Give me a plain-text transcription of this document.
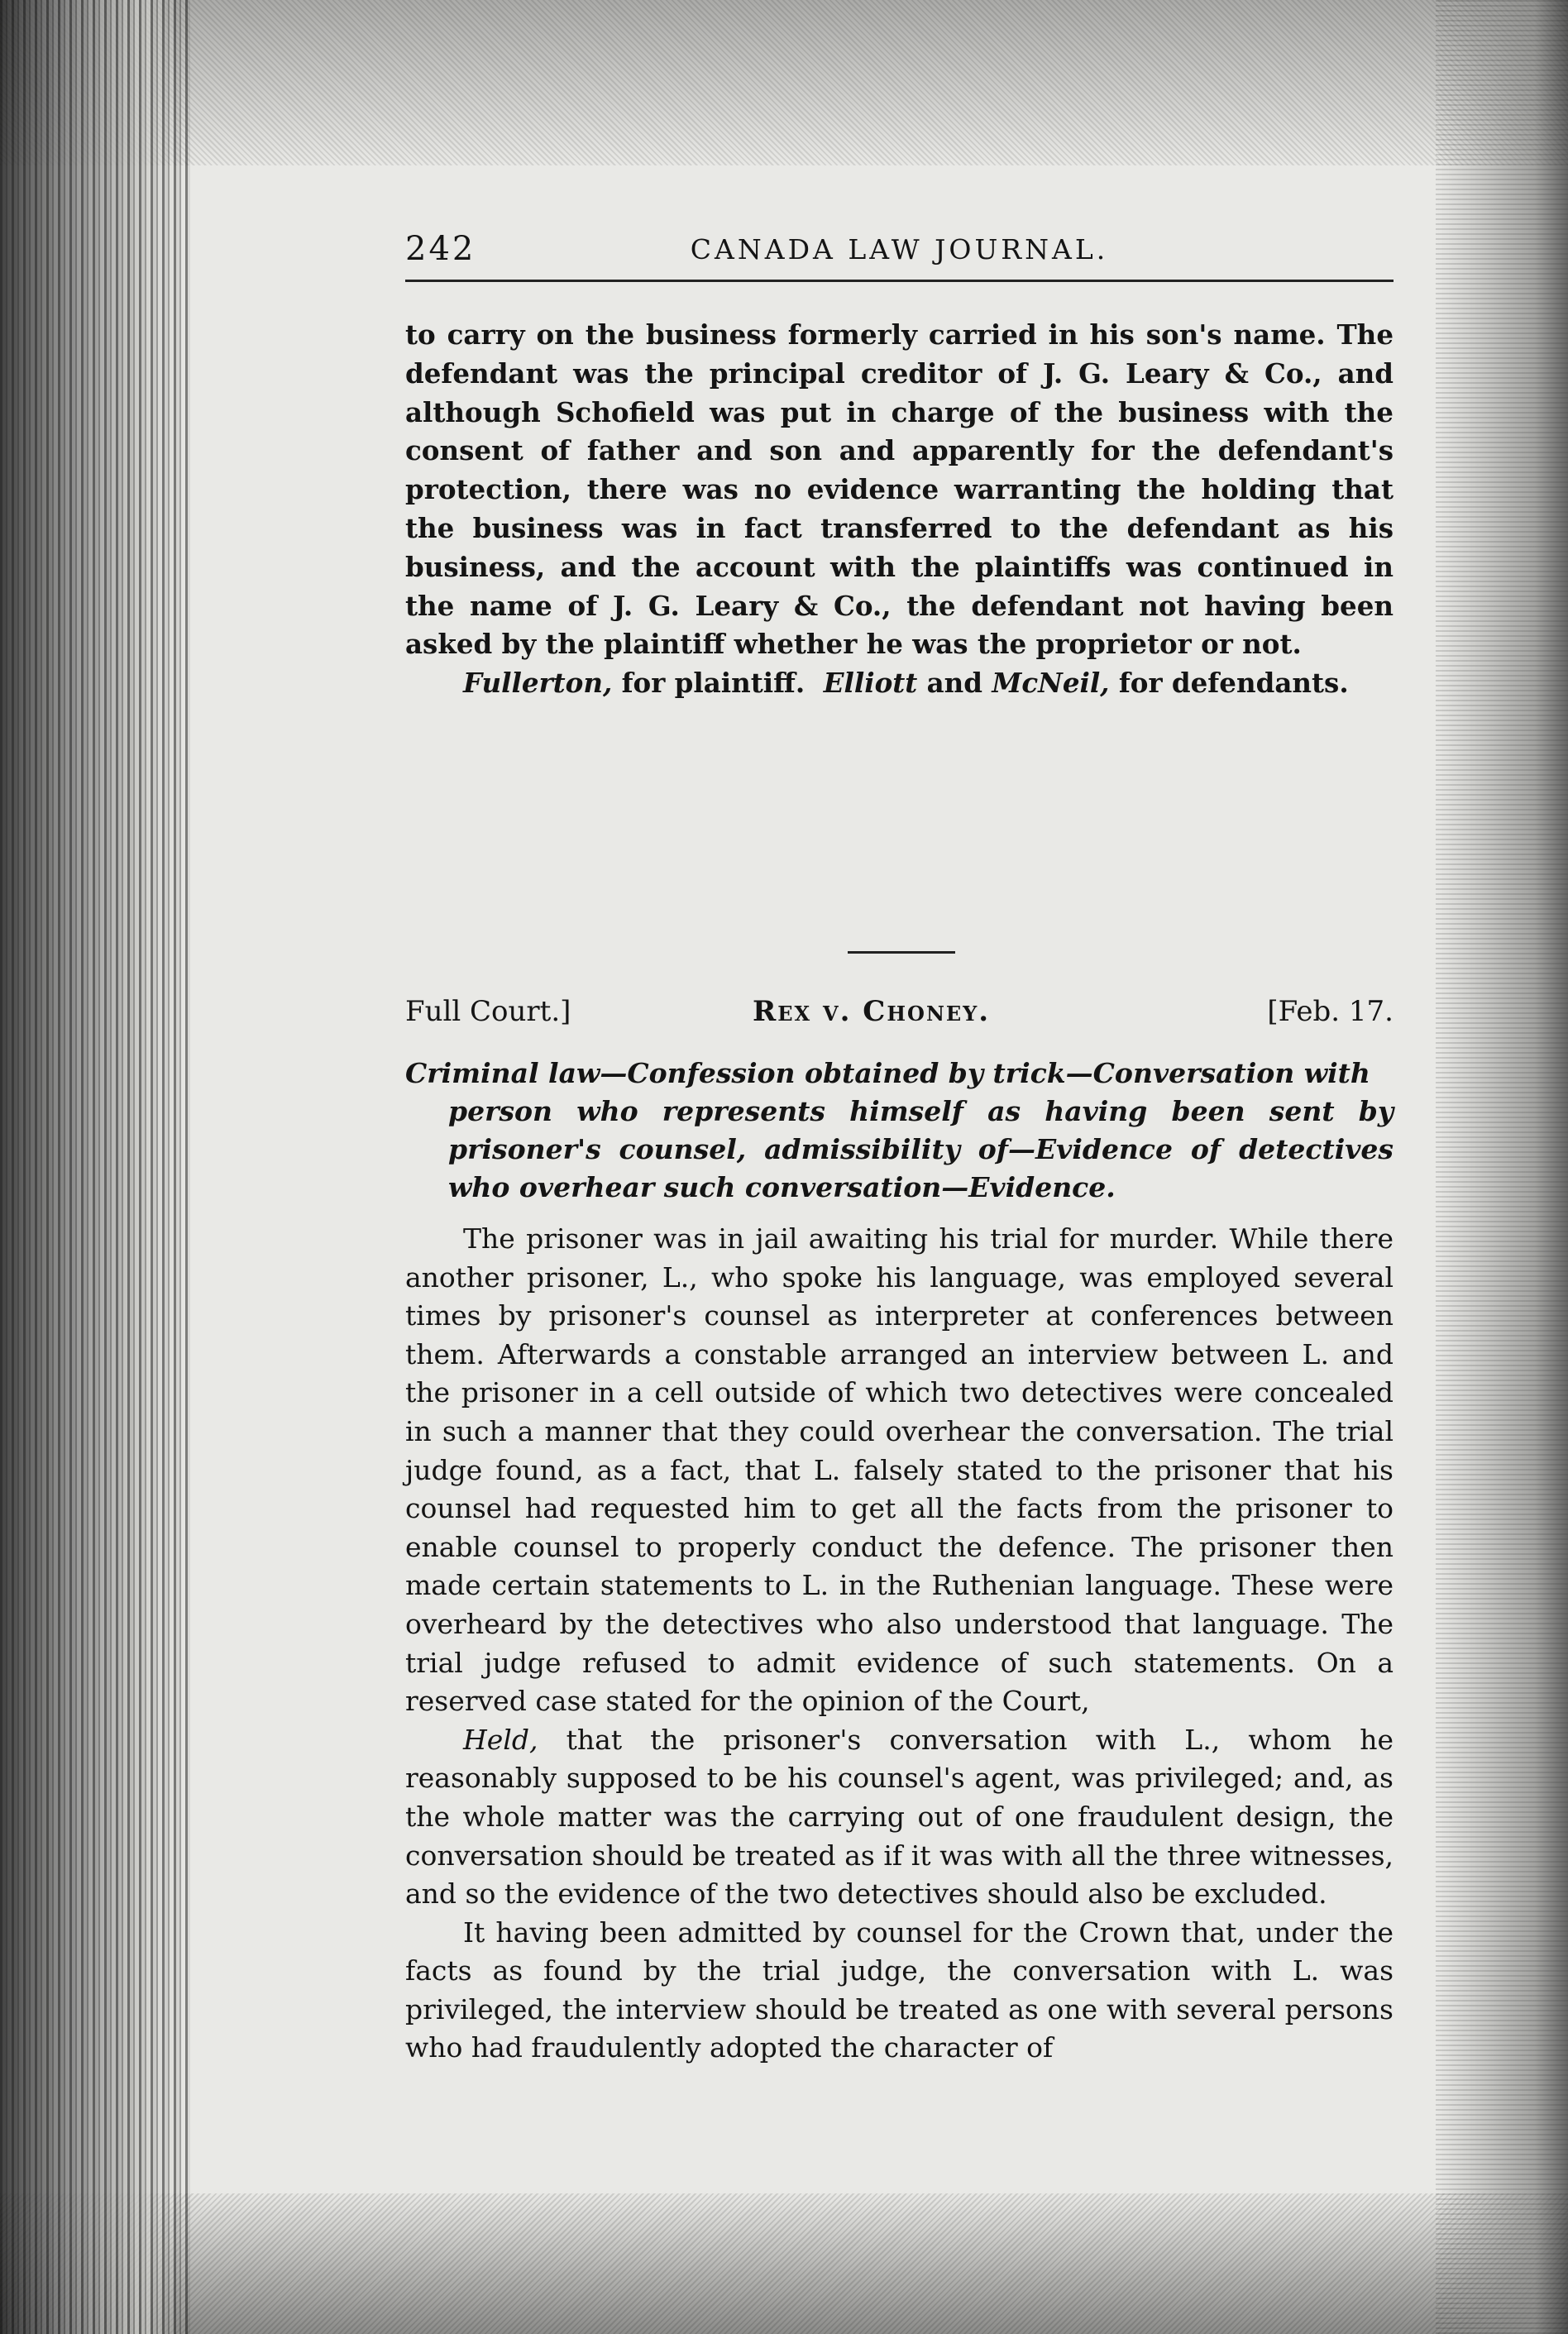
242	CANADA LAW JOURNAL.

to carry on the business formerly carried in his son's name. The defendant was the principal creditor of J. G. Leary & Co., and although Schofield was put in charge of the business with the consent of father and son and apparently for the defendant's protection, there was no evidence warranting the holding that the business was in fact transferred to the defendant as his business, and the account with the plaintiffs was continued in the name of J. G. Leary & Co., the defendant not having been asked by the plaintiff whether he was the proprietor or not.

Fullerton, for plaintiff. Elliott and McNeil, for defendants.

Full Court.]	Rex v. Choney.	[Feb. 17.
Criminal law—Confession obtained by trick—Conversation with
person who represents himself as having been sent by prisoner's counsel, admissibility of—Evidence of detectives who overhear such conversation—Evidence.

The prisoner was in jail awaiting his trial for murder. While there another prisoner, L., who spoke his language, was employed several times by prisoner's counsel as interpreter at conferences between them. Afterwards a constable arranged an interview between L. and the prisoner in a cell outside of which two detectives were concealed in such a manner that they could overhear the conversation. The trial judge found, as a fact, that L. falsely stated to the prisoner that his counsel had requested him to get all the facts from the prisoner to enable counsel to properly conduct the defence. The prisoner then made certain statements to L. in the Ruthenian language. These were overheard by the detectives who also understood that language. The trial judge refused to admit evidence of such statements. On a reserved case stated for the opinion of the Court,

Held, that the prisoner's conversation with L., whom he reasonably supposed to be his counsel's agent, was privileged; and, as the whole matter was the carrying out of one fraudulent design, the conversation should be treated as if it was with all the three witnesses, and so the evidence of the two detectives should also be excluded.

It having been admitted by counsel for the Crown that, under the facts as found by the trial judge, the conversation with L. was privileged, the interview should be treated as one with several persons who had fraudulently adopted the character of
